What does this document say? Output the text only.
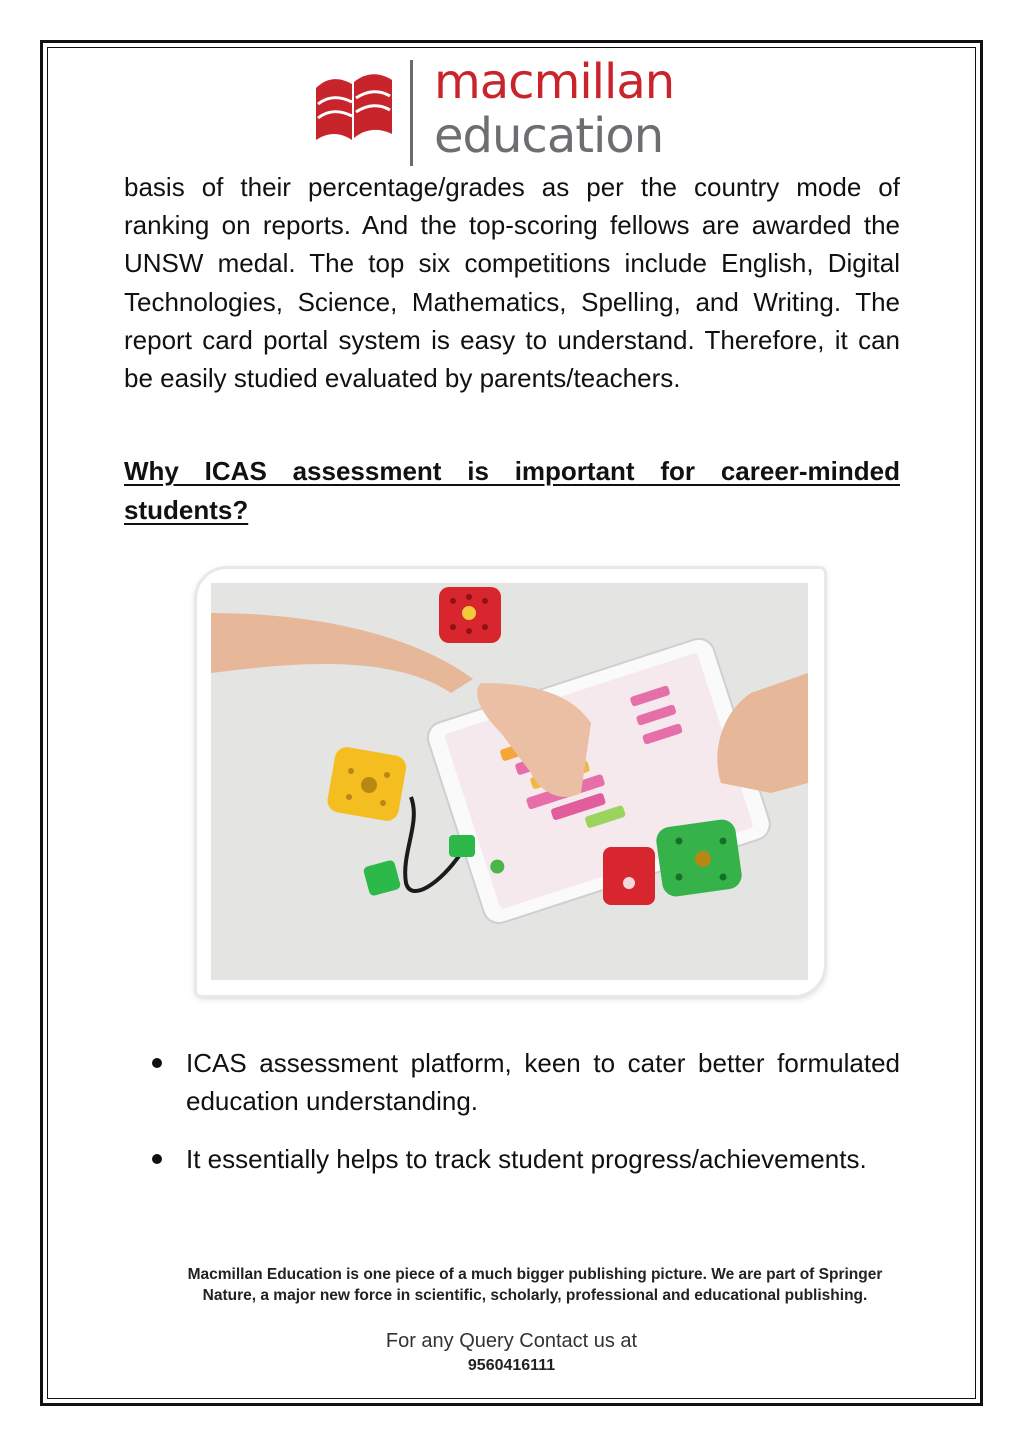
macmillan
education

basis of their percentage/grades as per the country mode of ranking on reports. And the top-scoring fellows are awarded the UNSW medal. The top six competitions include English, Digital Technologies, Science, Mathematics, Spelling, and Writing. The report card portal system is easy to understand. Therefore, it can be easily studied evaluated by parents/teachers.

Why ICAS assessment is important for career-minded students?
ICAS assessment platform, keen to cater better formulated education understanding.
It essentially helps to track student progress/achievements.
Macmillan Education is one piece of a much bigger publishing picture. We are part of Springer Nature, a major new force in scientific, scholarly, professional and educational publishing.
For any Query Contact us at
9560416111
